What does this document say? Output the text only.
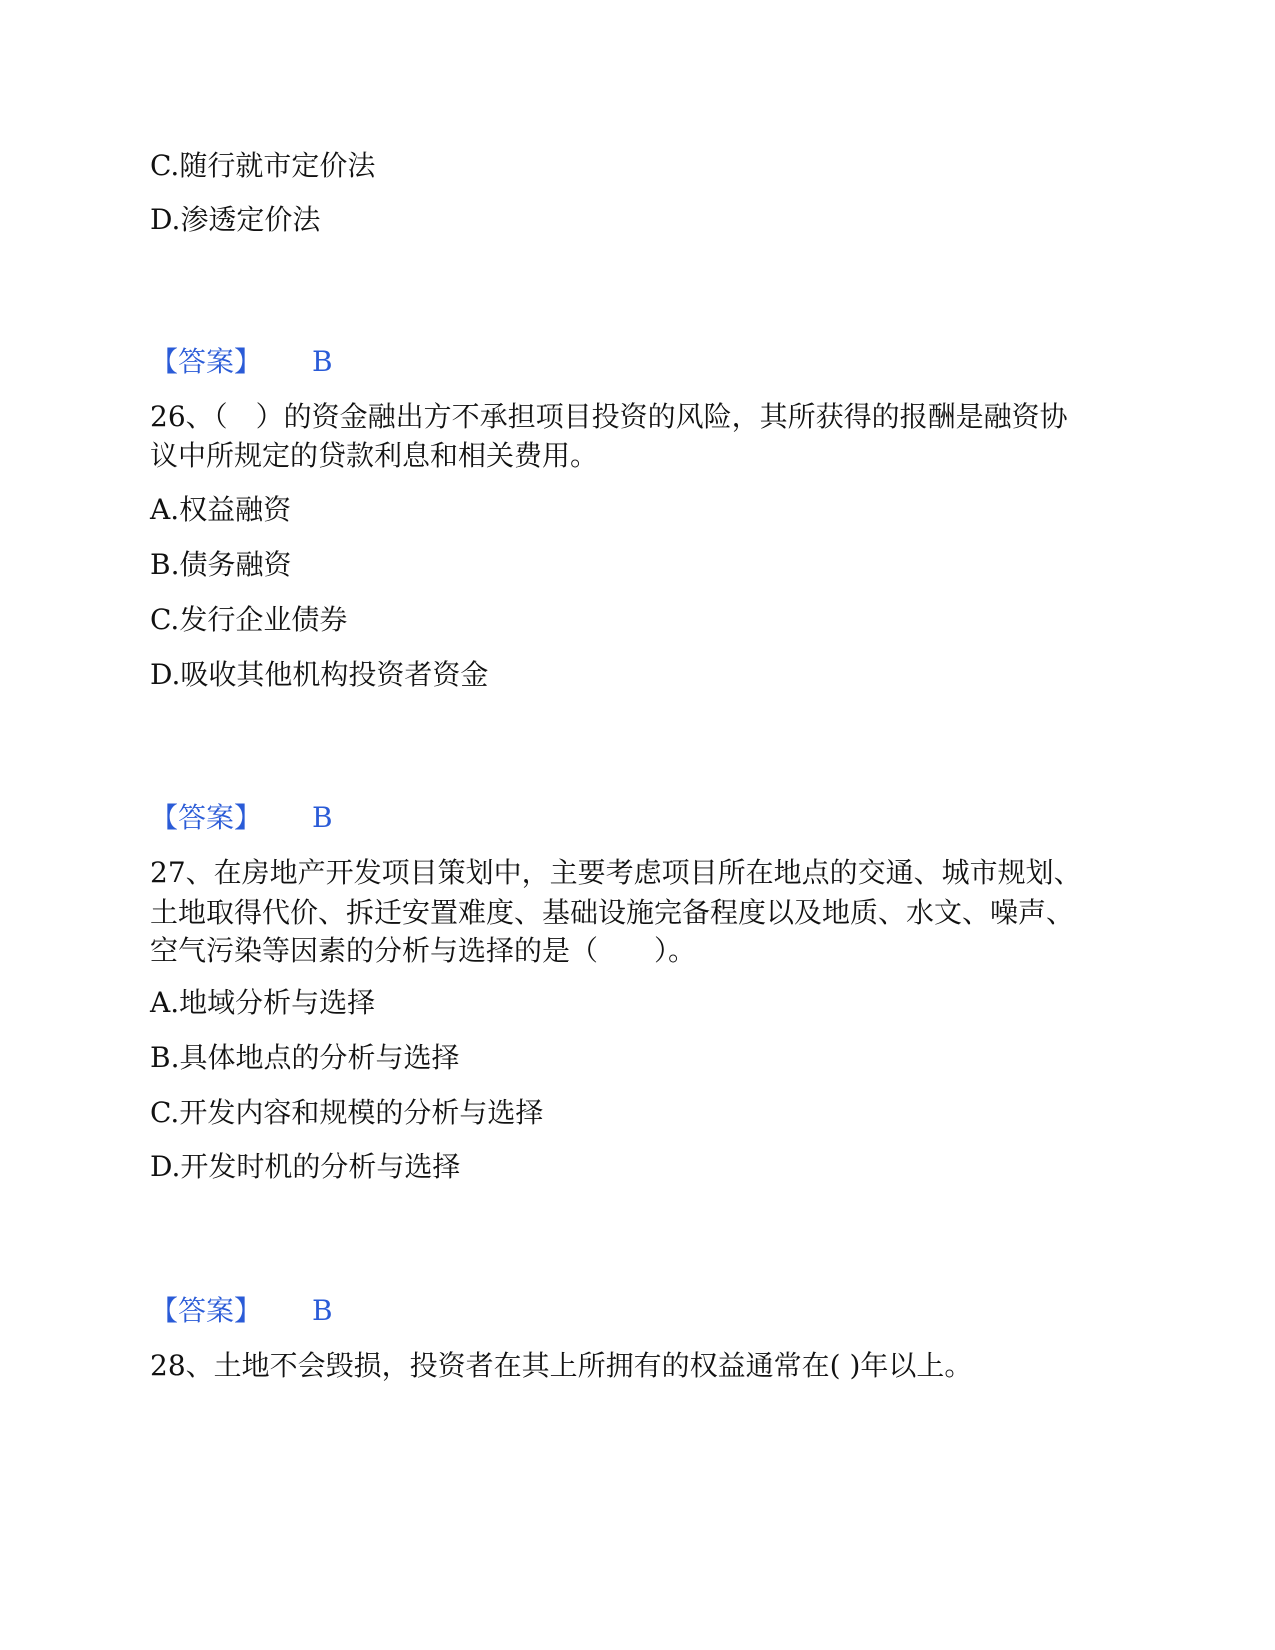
C.随行就市定价法
D.渗透定价法
【答案】 B
26、（　）的资金融出方不承担项目投资的风险，其所获得的报酬是融资协
议中所规定的贷款利息和相关费用。
A.权益融资
B.债务融资
C.发行企业债券
D.吸收其他机构投资者资金
【答案】 B
27、在房地产开发项目策划中，主要考虑项目所在地点的交通、城市规划、
土地取得代价、拆迁安置难度、基础设施完备程度以及地质、水文、噪声、
空气污染等因素的分析与选择的是（　　）。
A.地域分析与选择
B.具体地点的分析与选择
C.开发内容和规模的分析与选择
D.开发时机的分析与选择
【答案】 B
28、土地不会毁损，投资者在其上所拥有的权益通常在( )年以上。
